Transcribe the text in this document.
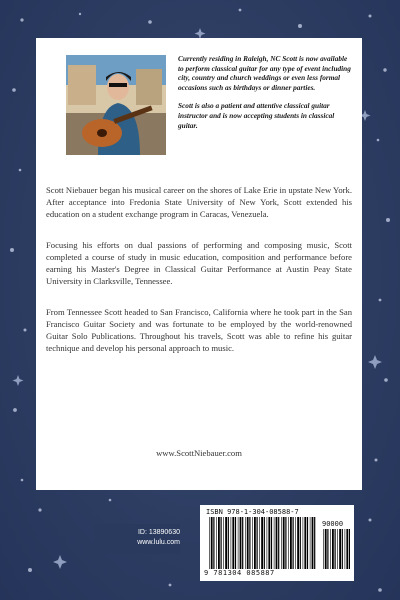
Currently residing in Raleigh, NC Scott is now available to perform classical guitar for any type of event including city, country and church weddings or even less formal occasions such as birthdays or dinner parties.

Scott is also a patient and attentive classical guitar instructor and is now accepting students in classical guitar.

Scott Niebauer began his musical career on the shores of Lake Erie in upstate New York. After acceptance into Fredonia State University of New York, Scott extended his education on a student exchange program in Caracas, Venezuela.

Focusing his efforts on dual passions of performing and composing music, Scott completed a course of study in music education, composition and performance before earning his Master's Degree in Classical Guitar Performance at Austin Peay State University in Clarksville, Tennessee.

From Tennessee Scott headed to San Francisco, California where he took part in the San Francisco Guitar Society and was fortunate to be employed by the world-renowned Guitar Solo Publications. Throughout his travels, Scott was able to refine his guitar technique and develop his personal approach to music.

www.ScottNiebauer.com
ID: 13890630
www.lulu.com
ISBN 978-1-304-08588-7
90000
9 781304 085887
